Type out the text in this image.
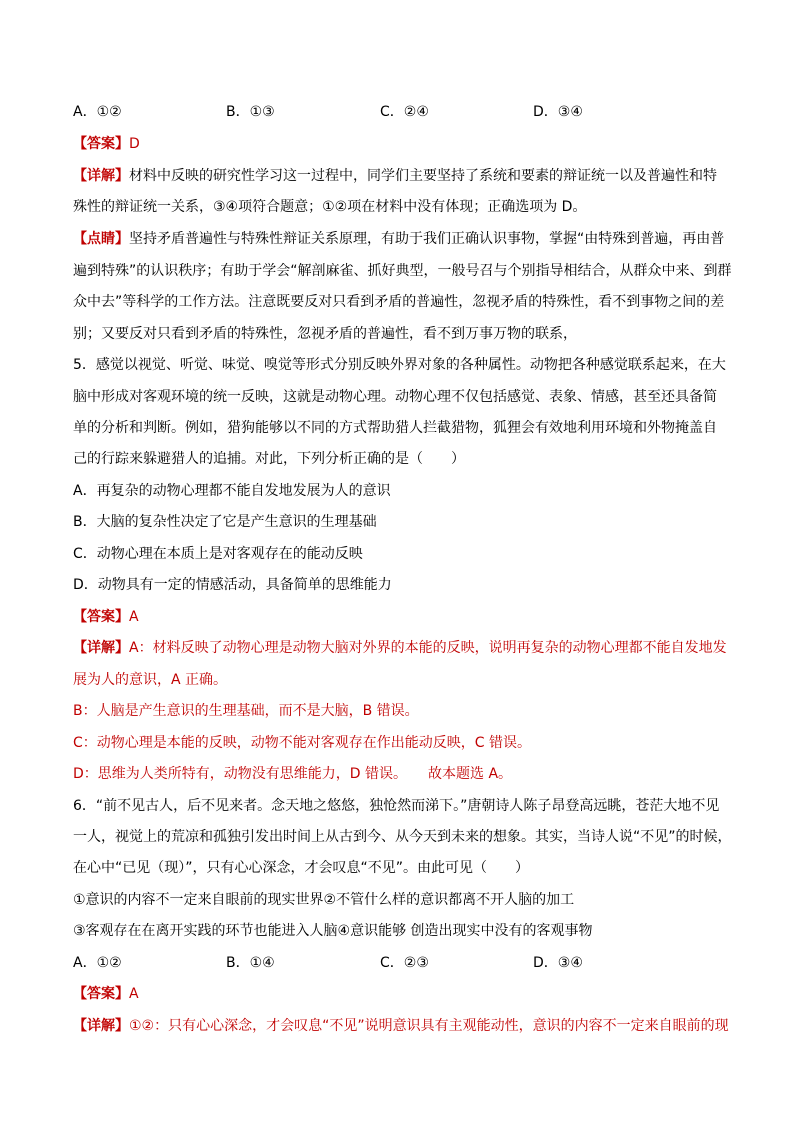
A．①②	B．①③	C．②④	D．③④
【答案】D
【详解】材料中反映的研究性学习这一过程中，同学们主要坚持了系统和要素的辩证统一以及普遍性和特
殊性的辩证统一关系，③④项符合题意；①②项在材料中没有体现；正确选项为 D。
【点睛】坚持矛盾普遍性与特殊性辩证关系原理，有助于我们正确认识事物，掌握“由特殊到普遍，再由普
遍到特殊”的认识秩序；有助于学会“解剖麻雀、抓好典型，一般号召与个别指导相结合，从群众中来、到群
众中去”等科学的工作方法。注意既要反对只看到矛盾的普遍性，忽视矛盾的特殊性，看不到事物之间的差
别；又要反对只看到矛盾的特殊性，忽视矛盾的普遍性，看不到万事万物的联系，
5．感觉以视觉、听觉、味觉、嗅觉等形式分别反映外界对象的各种属性。动物把各种感觉联系起来，在大
脑中形成对客观环境的统一反映，这就是动物心理。动物心理不仅包括感觉、表象、情感，甚至还具备简
单的分析和判断。例如，猎狗能够以不同的方式帮助猎人拦截猎物，狐狸会有效地利用环境和外物掩盖自
己的行踪来躲避猎人的追捕。对此，下列分析正确的是（　　）
A．再复杂的动物心理都不能自发地发展为人的意识
B．大脑的复杂性决定了它是产生意识的生理基础
C．动物心理在本质上是对客观存在的能动反映
D．动物具有一定的情感活动，具备简单的思维能力
【答案】A
【详解】A：材料反映了动物心理是动物大脑对外界的本能的反映，说明再复杂的动物心理都不能自发地发
展为人的意识，A 正确。
B：人脑是产生意识的生理基础，而不是大脑，B 错误。
C：动物心理是本能的反映，动物不能对客观存在作出能动反映，C 错误。
D：思维为人类所特有，动物没有思维能力，D 错误。　　故本题选 A。
6．“前不见古人，后不见来者。念天地之悠悠，独怆然而涕下。”唐朝诗人陈子昂登高远眺，苍茫大地不见
一人，视觉上的荒凉和孤独引发出时间上从古到今、从今天到未来的想象。其实，当诗人说“不见”的时候，
在心中“已见（现）”，只有心心深念，才会叹息“不见”。由此可见（　　）
①意识的内容不一定来自眼前的现实世界②不管什么样的意识都离不开人脑的加工
③客观存在在离开实践的环节也能进入人脑④意识能够 创造出现实中没有的客观事物
A．①②	B．①④	C．②③	D．③④
【答案】A
【详解】①②：只有心心深念，才会叹息“不见”说明意识具有主观能动性，意识的内容不一定来自眼前的现
